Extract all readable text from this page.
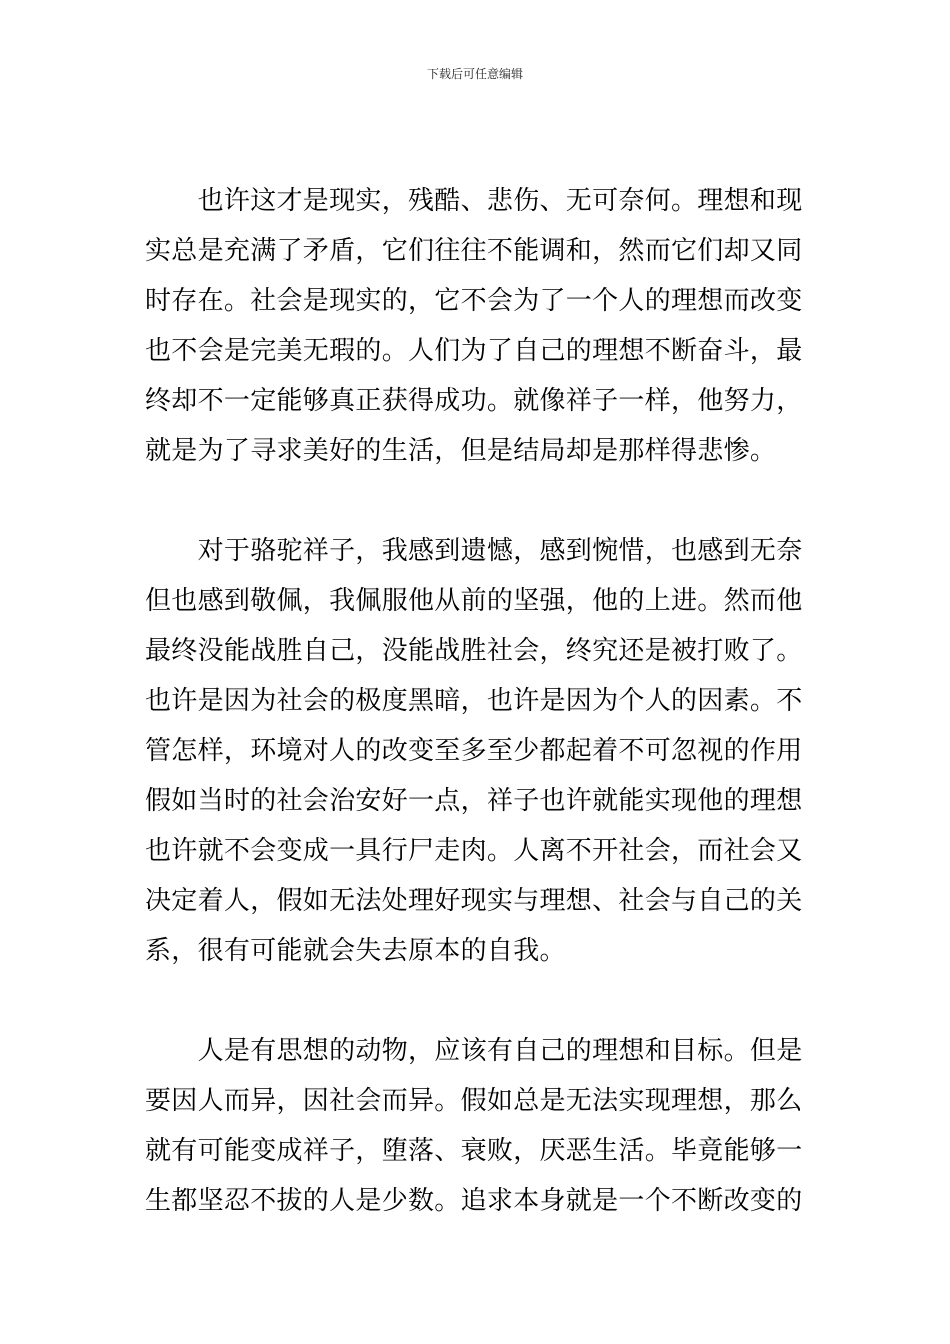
下载后可任意编辑
　　也许这才是现实，残酷、悲伤、无可奈何。理想和现
实总是充满了矛盾，它们往往不能调和，然而它们却又同
时存在。社会是现实的，它不会为了一个人的理想而改变
也不会是完美无瑕的。人们为了自己的理想不断奋斗，最
终却不一定能够真正获得成功。就像祥子一样，他努力，
就是为了寻求美好的生活，但是结局却是那样得悲惨。
　　对于骆驼祥子，我感到遗憾，感到惋惜，也感到无奈
但也感到敬佩，我佩服他从前的坚强，他的上进。然而他
最终没能战胜自己，没能战胜社会，终究还是被打败了。
也许是因为社会的极度黑暗，也许是因为个人的因素。不
管怎样，环境对人的改变至多至少都起着不可忽视的作用
假如当时的社会治安好一点，祥子也许就能实现他的理想
也许就不会变成一具行尸走肉。人离不开社会，而社会又
决定着人，假如无法处理好现实与理想、社会与自己的关
系，很有可能就会失去原本的自我。
　　人是有思想的动物，应该有自己的理想和目标。但是
要因人而异，因社会而异。假如总是无法实现理想，那么
就有可能变成祥子，堕落、衰败，厌恶生活。毕竟能够一
生都坚忍不拔的人是少数。追求本身就是一个不断改变的
